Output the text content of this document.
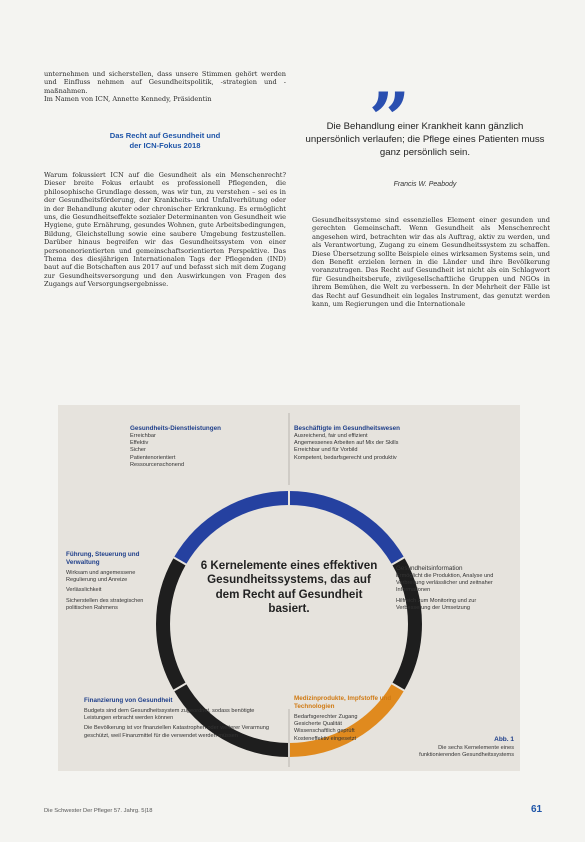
unternehmen und sicherstellen, dass unsere Stimmen gehört werden und Einfluss nehmen auf Gesundheitspolitik, -strategien und -maßnahmen.

Im Namen von ICN, Annette Kennedy, Präsidentin

Das Recht auf Gesundheit und
der ICN-Fokus 2018

Warum fokussiert ICN auf die Gesundheit als ein Menschenrecht? Dieser breite Fokus erlaubt es professionell Pflegenden, die philosophische Grundlage dessen, was wir tun, zu verstehen – sei es in der Gesundheitsförderung, der Krankheits- und Unfallverhütung oder in der Behandlung akuter oder chronischer Erkrankung. Es ermöglicht uns, die Gesundheitseffekte sozialer Determinanten von Gesundheit wie Hygiene, gute Ernährung, gesundes Wohnen, gute Arbeitsbedingungen, Bildung, Gleichstellung sowie eine saubere Umgebung festzustellen. Darüber hinaus begreifen wir das Gesundheitssystem von einer personenorientierten und gemeinschaftsorientierten Perspektive. Das Thema des diesjährigen Internationalen Tags der Pflegenden (IND) baut auf die Botschaften aus 2017 auf und befasst sich mit dem Zugang zur Gesundheitsversorgung und den Auswirkungen von Fragen des Zugangs auf Versorgungsergebnisse.

„
Die Behandlung einer Krankheit kann gänzlich unpersönlich verlaufen; die Pflege eines Patienten muss ganz persönlich sein.
Francis W. Peabody

Gesundheitssysteme sind essenzielles Element einer gesunden und gerechten Gemeinschaft. Wenn Gesundheit als Menschenrecht angesehen wird, betrachten wir das als Auftrag, aktiv zu werden, und als Verantwortung, Zugang zu einem Gesundheitssystem zu schaffen. Diese Übersetzung sollte Beispiele eines wirksamen Systems sein, und den Benefit erzielen lernen in die Länder und ihre Bevölkerung voranzutragen. Das Recht auf Gesundheit ist nicht als ein Schlagwort für Gesundheitsberufe, zivilgesellschaftliche Gruppen und NGOs in ihrem Bemühen, die Welt zu verbessern. In der Mehrheit der Fälle ist das Recht auf Gesundheit ein legales Instrument, das genutzt werden kann, um Regierungen und die Internationale

6 Kernelemente eines effektiven Gesundheitssystems, das auf dem Recht auf Gesundheit basiert.
Gesundheits-Dienstleistungen
Erreichbar
Effektiv
Sicher
Patientenorientiert
Ressourcenschonend
Beschäftigte im Gesundheitswesen
Ausreichend, fair und effizient
Angemessenes Arbeiten auf Mix der Skills
Erreichbar und für Vorbild
Kompetent, bedarfsgerecht und produktiv
Gesundheitsinformation
Ermöglicht die Produktion, Analyse und Verbreitung verlässlicher und zeitnaher Informationen
Hilfreich zum Monitoring und zur Verbesserung der Umsetzung
Medizinprodukte, Impfstoffe und Technologien
Bedarfsgerechter Zugang
Gesicherte Qualität
Wissenschaftlich geprüft
Kosteneffektiv eingesetzt
Finanzierung von Gesundheit
Budgets sind dem Gesundheitssystem zugeordnet, sodass benötigte Leistungen erbracht werden können
Die Bevölkerung ist vor finanziellen Katastrophen oder weiterer Verarmung geschützt, weil Finanzmittel für die verwendet werden müssen
Führung, Steuerung und Verwaltung
Wirksam und angemessene Regulierung und Anreize
Verlässlichkeit
Sicherstellen des strategischen politischen Rahmens
Abb. 1
Die sechs Kernelemente eines funktionierenden Gesundheitssystems
Die Schwester Der Pfleger 57. Jahrg. 5|18	61
